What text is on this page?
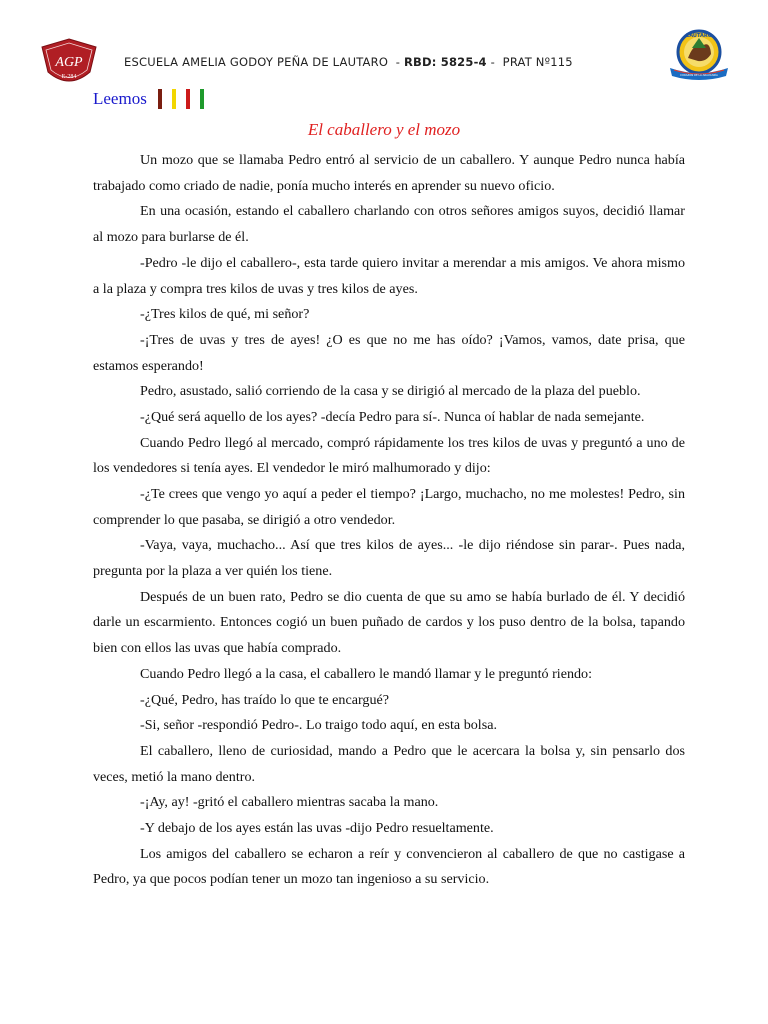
AGP
E-284
ESCUELA AMELIA GODOY PEÑA DE LAUTARO  - RBD: 5825-4 -  PRAT Nº115
LAUTARO
CORAZÓN DE LA ARAUCANÍA
Leemos
El caballero y el mozo

Un mozo que se llamaba Pedro entró al servicio de un caballero. Y aunque Pedro nunca había trabajado como criado de nadie, ponía mucho interés en aprender su nuevo oficio.

En una ocasión, estando el caballero charlando con otros señores amigos suyos, decidió llamar al mozo para burlarse de él.

-Pedro -le dijo el caballero-, esta tarde quiero invitar a merendar a mis amigos. Ve ahora mismo a la plaza y compra tres kilos de uvas y tres kilos de ayes.

-¿Tres kilos de qué, mi señor?

-¡Tres de uvas y tres de ayes! ¿O es que no me has oído? ¡Vamos, vamos, date prisa, que estamos esperando!

Pedro, asustado, salió corriendo de la casa y se dirigió al mercado de la plaza del pueblo.

-¿Qué será aquello de los ayes? -decía Pedro para sí-. Nunca oí hablar de nada semejante.

Cuando Pedro llegó al mercado, compró rápidamente los tres kilos de uvas y preguntó a uno de los vendedores si tenía ayes. El vendedor le miró malhumorado y dijo:

-¿Te crees que vengo yo aquí a peder el tiempo? ¡Largo, muchacho, no me molestes! Pedro, sin comprender lo que pasaba, se dirigió a otro vendedor.

-Vaya, vaya, muchacho... Así que tres kilos de ayes... -le dijo riéndose sin parar-. Pues nada, pregunta por la plaza a ver quién los tiene.

Después de un buen rato, Pedro se dio cuenta de que su amo se había burlado de él. Y decidió darle un escarmiento. Entonces cogió un buen puñado de cardos y los puso dentro de la bolsa, tapando bien con ellos las uvas que había comprado.

Cuando Pedro llegó a la casa, el caballero le mandó llamar y le preguntó riendo:

-¿Qué, Pedro, has traído lo que te encargué?

-Si, señor -respondió Pedro-. Lo traigo todo aquí, en esta bolsa.

El caballero, lleno de curiosidad, mando a Pedro que le acercara la bolsa y, sin pensarlo dos veces, metió la mano dentro.

-¡Ay, ay! -gritó el caballero mientras sacaba la mano.

-Y debajo de los ayes están las uvas -dijo Pedro resueltamente.

Los amigos del caballero se echaron a reír y convencieron al caballero de que no castigase a Pedro, ya que pocos podían tener un mozo tan ingenioso a su servicio.
